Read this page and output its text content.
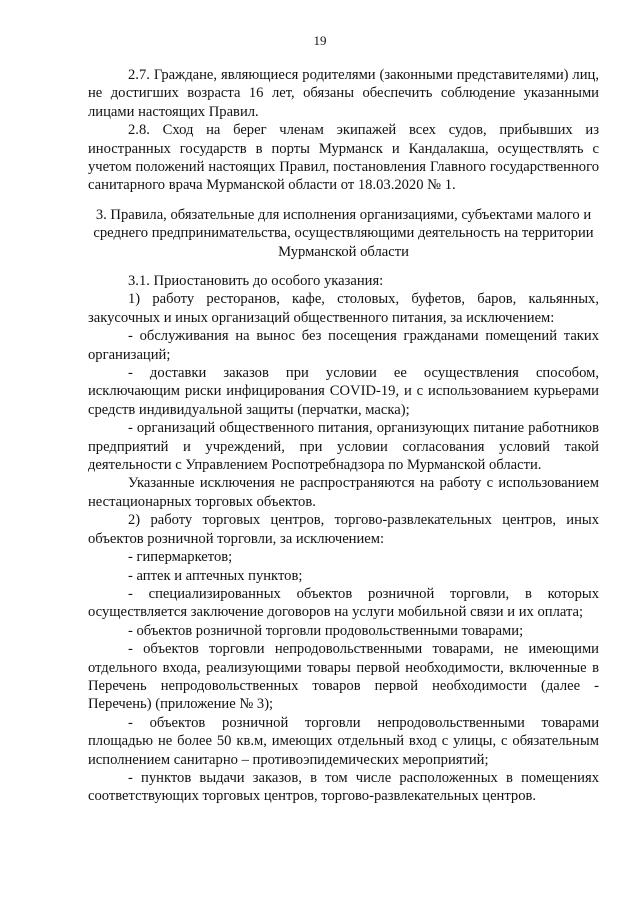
19

2.7. Граждане, являющиеся родителями (законными представителями) лиц, не достигших возраста 16 лет, обязаны обеспечить соблюдение указанными лицами настоящих Правил.

2.8. Сход на берег членам экипажей всех судов, прибывших из иностранных государств в порты Мурманск и Кандалакша, осуществлять с учетом положений настоящих Правил, постановления Главного государственного санитарного врача Мурманской области от 18.03.2020 № 1.

3. Правила, обязательные для исполнения организациями, субъектами малого и среднего предпринимательства, осуществляющими деятельность на территории Мурманской области

3.1. Приостановить до особого указания:

1) работу ресторанов, кафе, столовых, буфетов, баров, кальянных, закусочных и иных организаций общественного питания, за исключением:

- обслуживания на вынос без посещения гражданами помещений таких организаций;

- доставки заказов при условии ее осуществления способом, исключающим риски инфицирования COVID-19, и с использованием курьерами средств индивидуальной защиты (перчатки, маска);

- организаций общественного питания, организующих питание работников предприятий и учреждений, при условии согласования условий такой деятельности с Управлением Роспотребнадзора по Мурманской области.

Указанные исключения не распространяются на работу с использованием нестационарных торговых объектов.

2) работу торговых центров, торгово-развлекательных центров, иных объектов розничной торговли, за исключением:

- гипермаркетов;

- аптек и аптечных пунктов;

- специализированных объектов розничной торговли, в которых осуществляется заключение договоров на услуги мобильной связи и их оплата;

- объектов розничной торговли продовольственными товарами;

- объектов торговли непродовольственными товарами, не имеющими отдельного входа, реализующими товары первой необходимости, включенные в Перечень непродовольственных товаров первой необходимости (далее - Перечень) (приложение № 3);

- объектов розничной торговли непродовольственными товарами площадью не более 50 кв.м, имеющих отдельный вход с улицы, с обязательным исполнением санитарно – противоэпидемических мероприятий;

- пунктов выдачи заказов, в том числе расположенных в помещениях соответствующих торговых центров, торгово-развлекательных центров.
